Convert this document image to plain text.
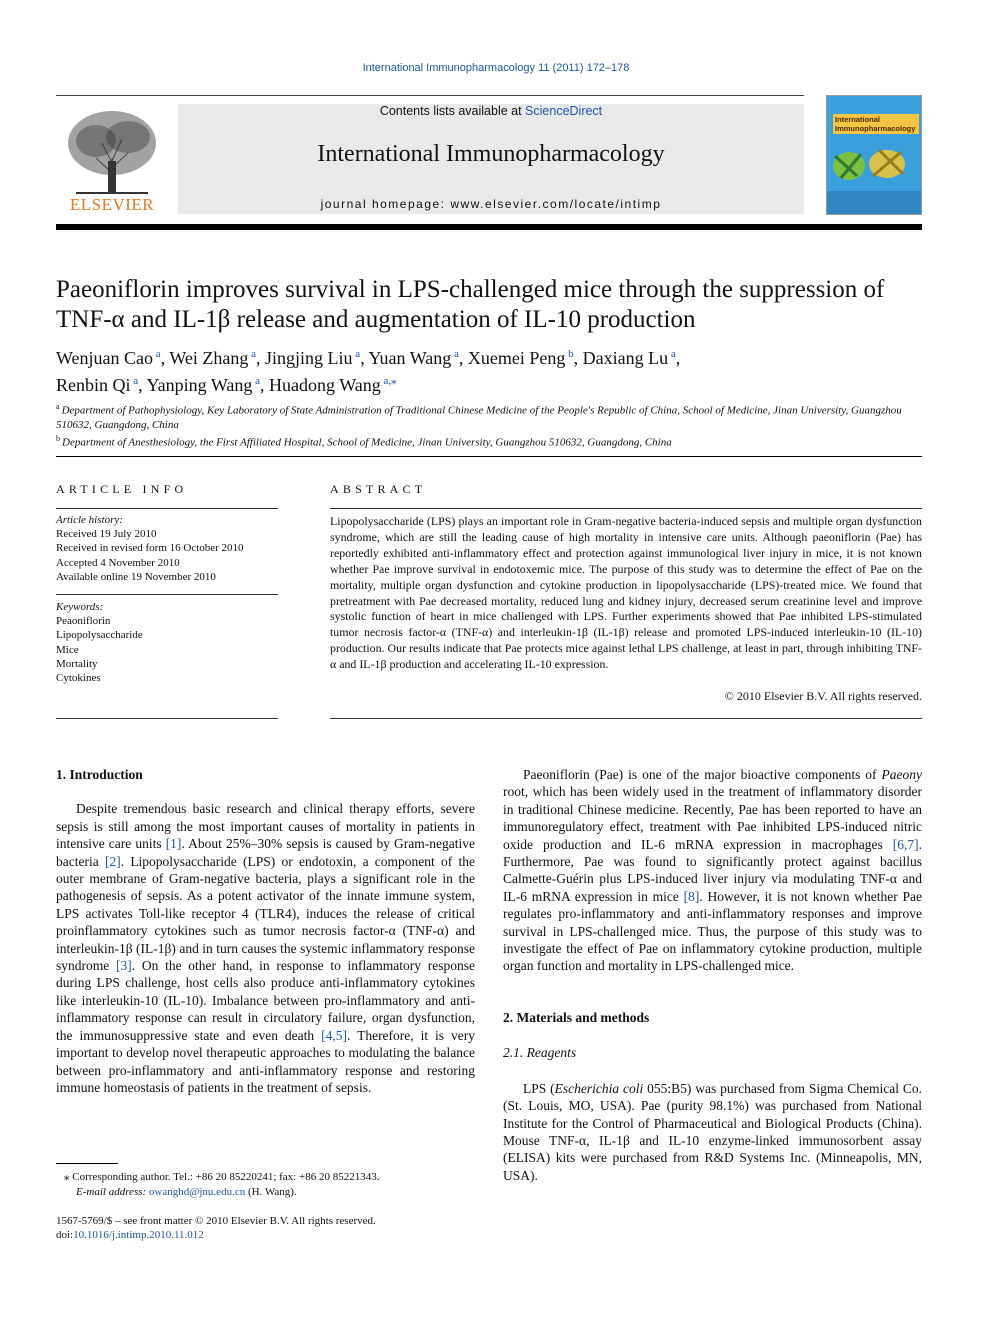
International Immunopharmacology 11 (2011) 172–178
ELSEVIER
Contents lists available at ScienceDirect
International Immunopharmacology
journal homepage: www.elsevier.com/locate/intimp
International Immunopharmacology
Paeoniflorin improves survival in LPS-challenged mice through the suppression of
TNF-α and IL-1β release and augmentation of IL-10 production
Wenjuan Cao $^a$, Wei Zhang $^a$, Jingjing Liu $^a$, Yuan Wang $^a$, Xuemei Peng $^b$, Daxiang Lu $^a$,
Renbin Qi $^a$, Yanping Wang $^a$, Huadong Wang $^{a,⁎}$
$^a$ Department of Pathophysiology, Key Laboratory of State Administration of Traditional Chinese Medicine of the People's Republic of China, School of Medicine, Jinan University, Guangzhou 510632, Guangdong, China
$^b$ Department of Anesthesiology, the First Affiliated Hospital, School of Medicine, Jinan University, Guangzhou 510632, Guangdong, China
ARTICLE INFO	ABSTRACT
Article history:
Received 19 July 2010
Received in revised form 16 October 2010
Accepted 4 November 2010
Available online 19 November 2010
Keywords:
Peaoniflorin
Lipopolysaccharide
Mice
Mortality
Cytokines
Lipopolysaccharide (LPS) plays an important role in Gram-negative bacteria-induced sepsis and multiple organ dysfunction syndrome, which are still the leading cause of high mortality in intensive care units. Although paeoniflorin (Pae) has reportedly exhibited anti-inflammatory effect and protection against immunological liver injury in mice, it is not known whether Pae improve survival in endotoxemic mice. The purpose of this study was to determine the effect of Pae on the mortality, multiple organ dysfunction and cytokine production in lipopolysaccharide (LPS)-treated mice. We found that pretreatment with Pae decreased mortality, reduced lung and kidney injury, decreased serum creatinine level and improve systolic function of heart in mice challenged with LPS. Further experiments showed that Pae inhibited LPS-stimulated tumor necrosis factor-α (TNF-α) and interleukin-1β (IL-1β) release and promoted LPS-induced interleukin-10 (IL-10) production. Our results indicate that Pae protects mice against lethal LPS challenge, at least in part, through inhibiting TNF-α and IL-1β production and accelerating IL-10 expression.
© 2010 Elsevier B.V. All rights reserved.
1. Introduction

Despite tremendous basic research and clinical therapy efforts, severe sepsis is still among the most important causes of mortality in patients in intensive care units [1]. About 25%–30% sepsis is caused by Gram-negative bacteria [2]. Lipopolysaccharide (LPS) or endotoxin, a component of the outer membrane of Gram-negative bacteria, plays a significant role in the pathogenesis of sepsis. As a potent activator of the innate immune system, LPS activates Toll-like receptor 4 (TLR4), induces the release of critical proinflammatory cytokines such as tumor necrosis factor-α (TNF-α) and interleukin-1β (IL-1β) and in turn causes the systemic inflammatory response syndrome [3]. On the other hand, in response to inflammatory response during LPS challenge, host cells also produce anti-inflammatory cytokines like interleukin-10 (IL-10). Imbalance between pro-inflammatory and anti-inflammatory response can result in circulatory failure, organ dysfunction, the immunosuppressive state and even death [4,5]. Therefore, it is very important to develop novel therapeutic approaches to modulating the balance between pro-inflammatory and anti-inflammatory response and restoring immune homeostasis of patients in the treatment of sepsis.

Paeoniflorin (Pae) is one of the major bioactive components of Paeony root, which has been widely used in the treatment of inflammatory disorder in traditional Chinese medicine. Recently, Pae has been reported to have an immunoregulatory effect, treatment with Pae inhibited LPS-induced nitric oxide production and IL-6 mRNA expression in macrophages [6,7]. Furthermore, Pae was found to significantly protect against bacillus Calmette-Guérin plus LPS-induced liver injury via modulating TNF-α and IL-6 mRNA expression in mice [8]. However, it is not known whether Pae regulates pro-inflammatory and anti-inflammatory responses and improve survival in LPS-challenged mice. Thus, the purpose of this study was to investigate the effect of Pae on inflammatory cytokine production, multiple organ function and mortality in LPS-challenged mice.

2. Materials and methods
2.1. Reagents

LPS (Escherichia coli 055:B5) was purchased from Sigma Chemical Co. (St. Louis, MO, USA). Pae (purity 98.1%) was purchased from National Institute for the Control of Pharmaceutical and Biological Products (China). Mouse TNF-α, IL-1β and IL-10 enzyme-linked immunosorbent assay (ELISA) kits were purchased from R&D Systems Inc. (Minneapolis, MN, USA).

⁎ Corresponding author. Tel.: +86 20 85220241; fax: +86 20 85221343.
E-mail address: owanghd@jnu.edu.cn (H. Wang).
1567-5769/$ – see front matter © 2010 Elsevier B.V. All rights reserved.
doi:10.1016/j.intimp.2010.11.012
